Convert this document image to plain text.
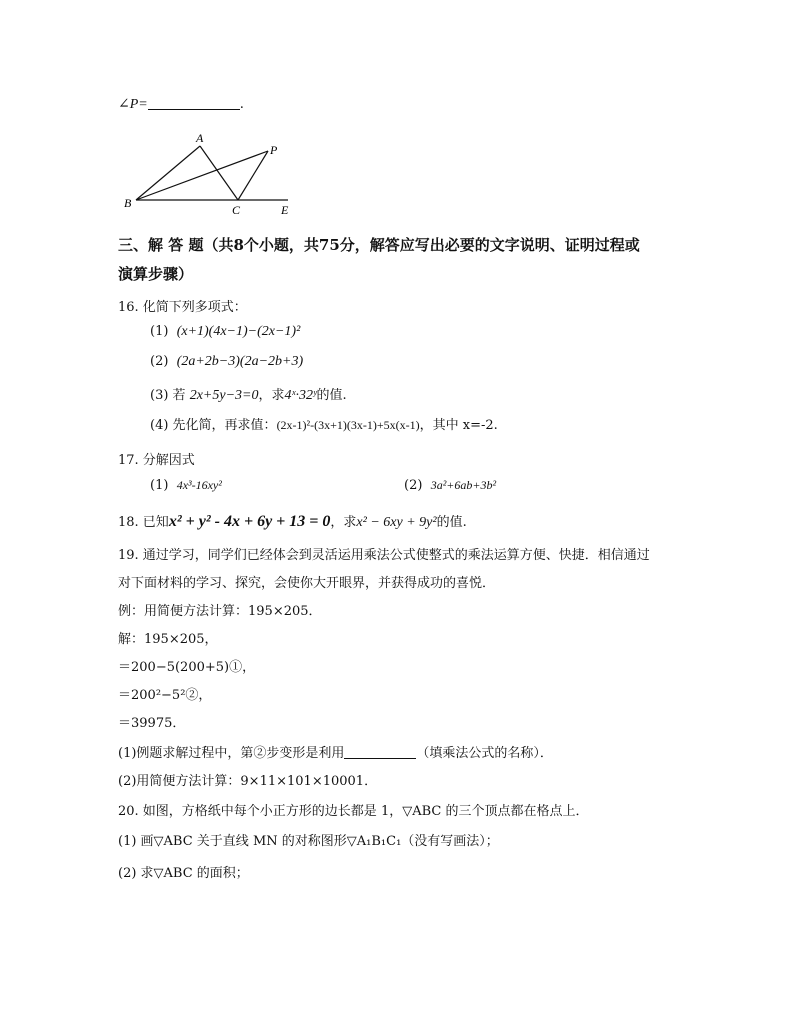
∠P=	.
A
B	C
P
E
三、解 答 题（共8个小题，共75分，解答应写出必要的文字说明、证明过程或
演算步骤）
16. 化简下列多项式：
(1) (x+1)(4x−1)−(2x−1)²
(2) (2a+2b−3)(2a−2b+3)
(3) 若 2x+5y−3=0，求4ˣ·32ʸ的值.
(4) 先化简，再求值：(2x-1)²-(3x+1)(3x-1)+5x(x-1)，其中 x=-2.
17. 分解因式
(1) 4x³-16xy²	(2) 3a²+6ab+3b²
18. 已知x² + y² - 4x + 6y + 13 = 0，求x² − 6xy + 9y²的值.
19. 通过学习，同学们已经体会到灵活运用乘法公式使整式的乘法运算方便、快捷．相信通过
对下面材料的学习、探究，会使你大开眼界，并获得成功的喜悦．
例：用简便方法计算：195×205．
解：195×205，
＝200−5(200+5)①，
＝200²−5²②，
＝39975．
(1)例题求解过程中，第②步变形是利用	（填乘法公式的名称）．
(2)用简便方法计算：9×11×101×10001．
20. 如图，方格纸中每个小正方形的边长都是 1，▽ABC 的三个顶点都在格点上．
(1) 画▽ABC 关于直线 MN 的对称图形▽A₁B₁C₁（没有写画法）；
(2) 求▽ABC 的面积；
